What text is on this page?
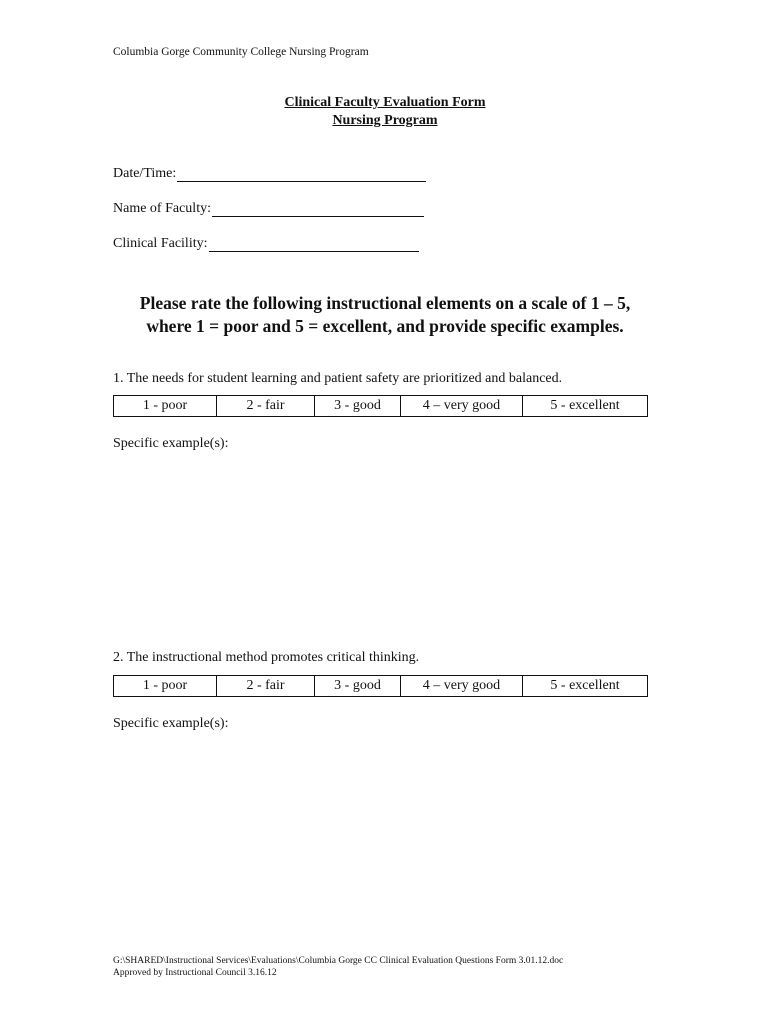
Columbia Gorge Community College Nursing Program
Clinical Faculty Evaluation Form
Nursing Program
Date/Time:
Name of Faculty:
Clinical Facility:
Please rate the following instructional elements on a scale of 1 – 5,
where 1 = poor and 5 = excellent, and provide specific examples.
1. The needs for student learning and patient safety are prioritized and balanced.
1 - poor	2 - fair	3 - good	4 – very good	5 - excellent
Specific example(s):
2. The instructional method promotes critical thinking.
1 - poor	2 - fair	3 - good	4 – very good	5 - excellent
Specific example(s):
G:\SHARED\Instructional Services\Evaluations\Columbia Gorge CC Clinical Evaluation Questions Form 3.01.12.doc
Approved by Instructional Council 3.16.12
